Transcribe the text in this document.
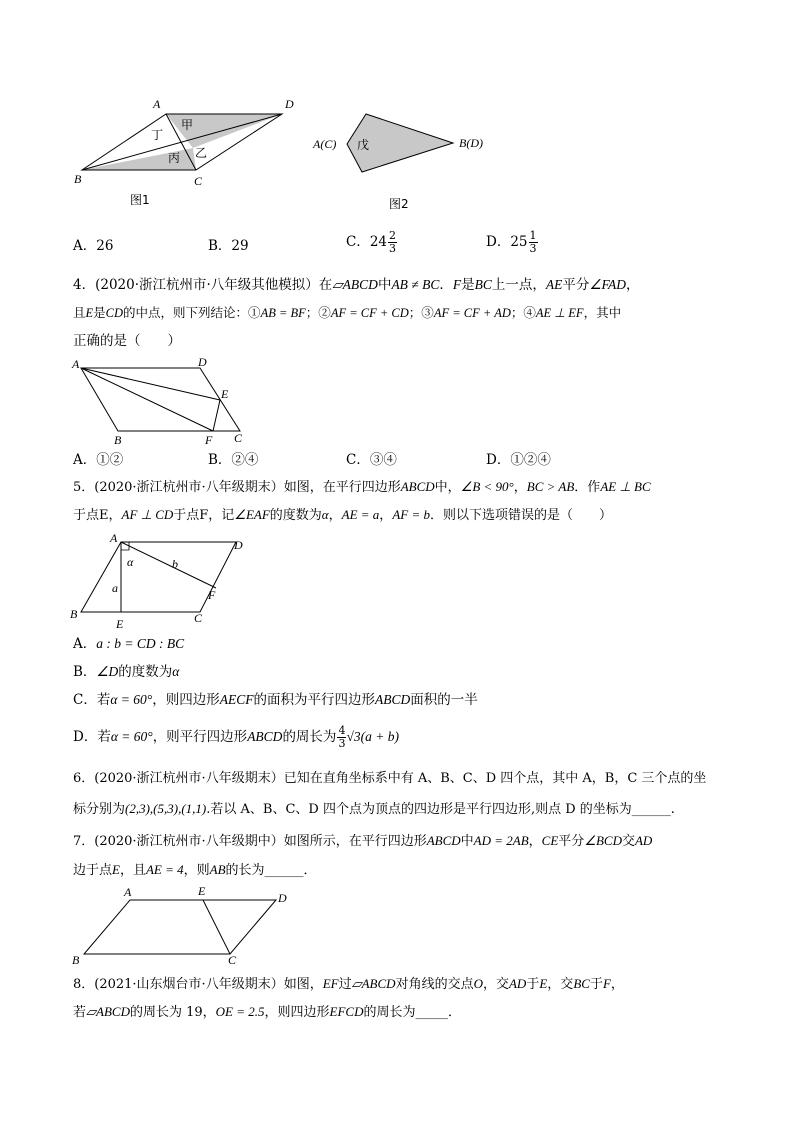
A	D
B	C
甲
丁
丙 乙
图1
A(C)	B(D)
戊
图2
A．26	B．29	C．$24 \frac{2}{3}$	D．$25 \frac{1}{3}$
4．(2020·浙江杭州市·八年级其他模拟）在▱ABCD中AB ≠ BC．F是BC上一点，AE平分∠FAD，
且E是CD的中点，则下列结论：①AB = BF；②AF = CF + CD；③AF = CF + AD；④AE ⊥ EF，其中
正确的是（　　）
A	D
E
B	F C
A．①②	B．②④	C．③④	D．①②④
5．(2020·浙江杭州市·八年级期末）如图，在平行四边形ABCD中，∠B < 90°，BC > AB．作AE ⊥ BC
于点E，AF ⊥ CD于点F，记∠EAF的度数为α，AE = a，AF = b．则以下选项错误的是（　　）
A	D
α	b
a	F
B	C
E
A．a : b = CD : BC
B．∠D的度数为α
C．若α = 60°，则四边形AECF的面积为平行四边形ABCD面积的一半
D．若α = 60°，则平行四边形ABCD的周长为 $\frac{4}{3} √3(a + b)$
6．(2020·浙江杭州市·八年级期末）已知在直角坐标系中有 A、B、C、D 四个点，其中 A，B，C 三个点的坐
标分别为(2,3),(5,3),(1,1).若以 A、B、C、D 四个点为顶点的四边形是平行四边形,则点 D 的坐标为______.
7．(2020·浙江杭州市·八年级期中）如图所示，在平行四边形ABCD中AD = 2AB，CE平分∠BCD交AD
边于点E，且AE = 4，则AB的长为______．
A	E	D
B	C
8．(2021·山东烟台市·八年级期末）如图，EF过▱ABCD对角线的交点O，交AD于E，交BC于F，
若▱ABCD的周长为 19，OE = 2.5，则四边形EFCD的周长为_____．
